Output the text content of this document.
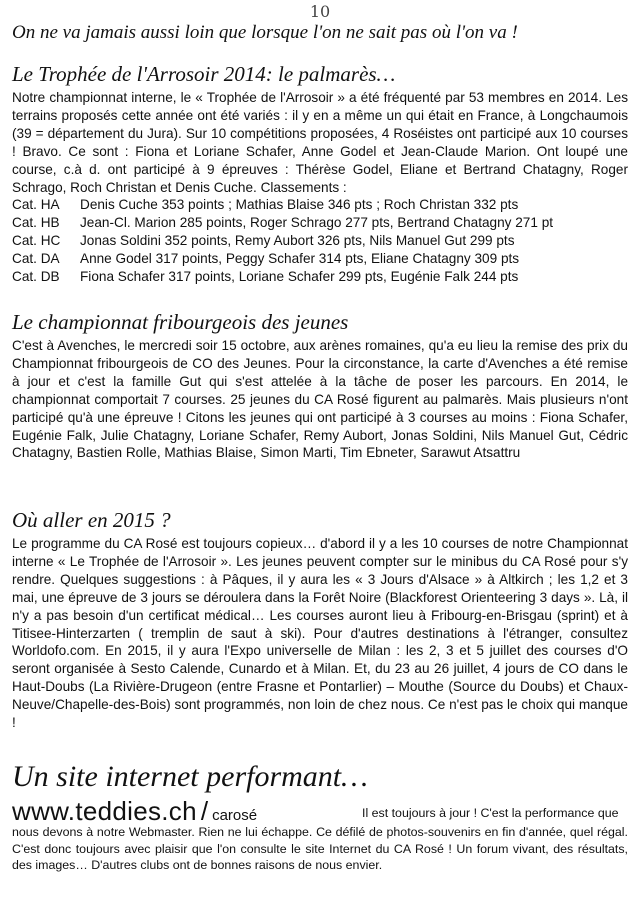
10
On ne va jamais aussi loin que lorsque l'on ne sait pas où l'on va !
Le Trophée de l'Arrosoir 2014: le palmarès…

Notre championnat interne, le « Trophée de l'Arrosoir » a été fréquenté par 53 membres en 2014. Les terrains proposés cette année ont été variés : il y en a même un qui était en France, à Longchaumois (39 = département du Jura). Sur 10 compétitions proposées, 4 Roséistes ont participé aux 10 courses ! Bravo. Ce sont : Fiona et Loriane Schafer, Anne Godel et Jean-Claude Marion. Ont loupé une course, c.à d. ont participé à 9 épreuves : Thérèse Godel, Eliane et Bertrand Chatagny, Roger Schrago, Roch Christan et Denis Cuche. Classements :

Cat. HA	Denis Cuche 353 points ; Mathias Blaise 346 pts ; Roch Christan 332 pts
Cat. HB	Jean-Cl. Marion 285 points, Roger Schrago 277 pts, Bertrand Chatagny 271 pt
Cat. HC	Jonas Soldini 352 points, Remy Aubort 326 pts, Nils Manuel Gut 299 pts
Cat. DA	Anne Godel 317 points, Peggy Schafer 314 pts, Eliane Chatagny 309 pts
Cat. DB	Fiona Schafer 317 points, Loriane Schafer 299 pts, Eugénie Falk 244 pts
Le championnat fribourgeois des jeunes

C'est à Avenches, le mercredi soir 15 octobre, aux arènes romaines, qu'a eu lieu la remise des prix du Championnat fribourgeois de CO des Jeunes. Pour la circonstance, la carte d'Avenches a été remise à jour et c'est la famille Gut qui s'est attelée à la tâche de poser les parcours. En 2014, le championnat comportait 7 courses. 25 jeunes du CA Rosé figurent au palmarès. Mais plusieurs n'ont participé qu'à une épreuve ! Citons les jeunes qui ont participé à 3 courses au moins : Fiona Schafer, Eugénie Falk, Julie Chatagny, Loriane Schafer, Remy Aubort, Jonas Soldini, Nils Manuel Gut, Cédric Chatagny, Bastien Rolle, Mathias Blaise, Simon Marti, Tim Ebneter, Sarawut Atsattru

Où aller en 2015 ?

Le programme du CA Rosé est toujours copieux… d'abord il y a les 10 courses de notre Championnat interne « Le Trophée de l'Arrosoir ». Les jeunes peuvent compter sur le minibus du CA Rosé pour s'y rendre. Quelques suggestions : à Pâques, il y aura les « 3 Jours d'Alsace » à Altkirch ; les 1,2 et 3 mai, une épreuve de 3 jours se déroulera dans la Forêt Noire (Blackforest Orienteering 3 days ». Là, il n'y a pas besoin d'un certificat médical… Les courses auront lieu à Fribourg-en-Brisgau (sprint) et à Titisee-Hinterzarten ( tremplin de saut à ski). Pour d'autres destinations à l'étranger, consultez Worldofo.com. En 2015, il y aura l'Expo universelle de Milan : les 2, 3 et 5 juillet des courses d'O seront organisée à Sesto Calende, Cunardo et à Milan. Et, du 23 au 26 juillet, 4 jours de CO dans le Haut-Doubs (La Rivière-Drugeon (entre Frasne et Pontarlier) – Mouthe (Source du Doubs) et Chaux-Neuve/Chapelle-des-Bois) sont programmés, non loin de chez nous. Ce n'est pas le choix qui manque !

Un site internet performant…
www.teddies.ch / carosé	Il est toujours à jour ! C'est la performance que

nous devons à notre Webmaster. Rien ne lui échappe. Ce défilé de photos-souvenirs en fin d'année, quel régal. C'est donc toujours avec plaisir que l'on consulte le site Internet du CA Rosé ! Un forum vivant, des résultats, des images… D'autres clubs ont de bonnes raisons de nous envier.
